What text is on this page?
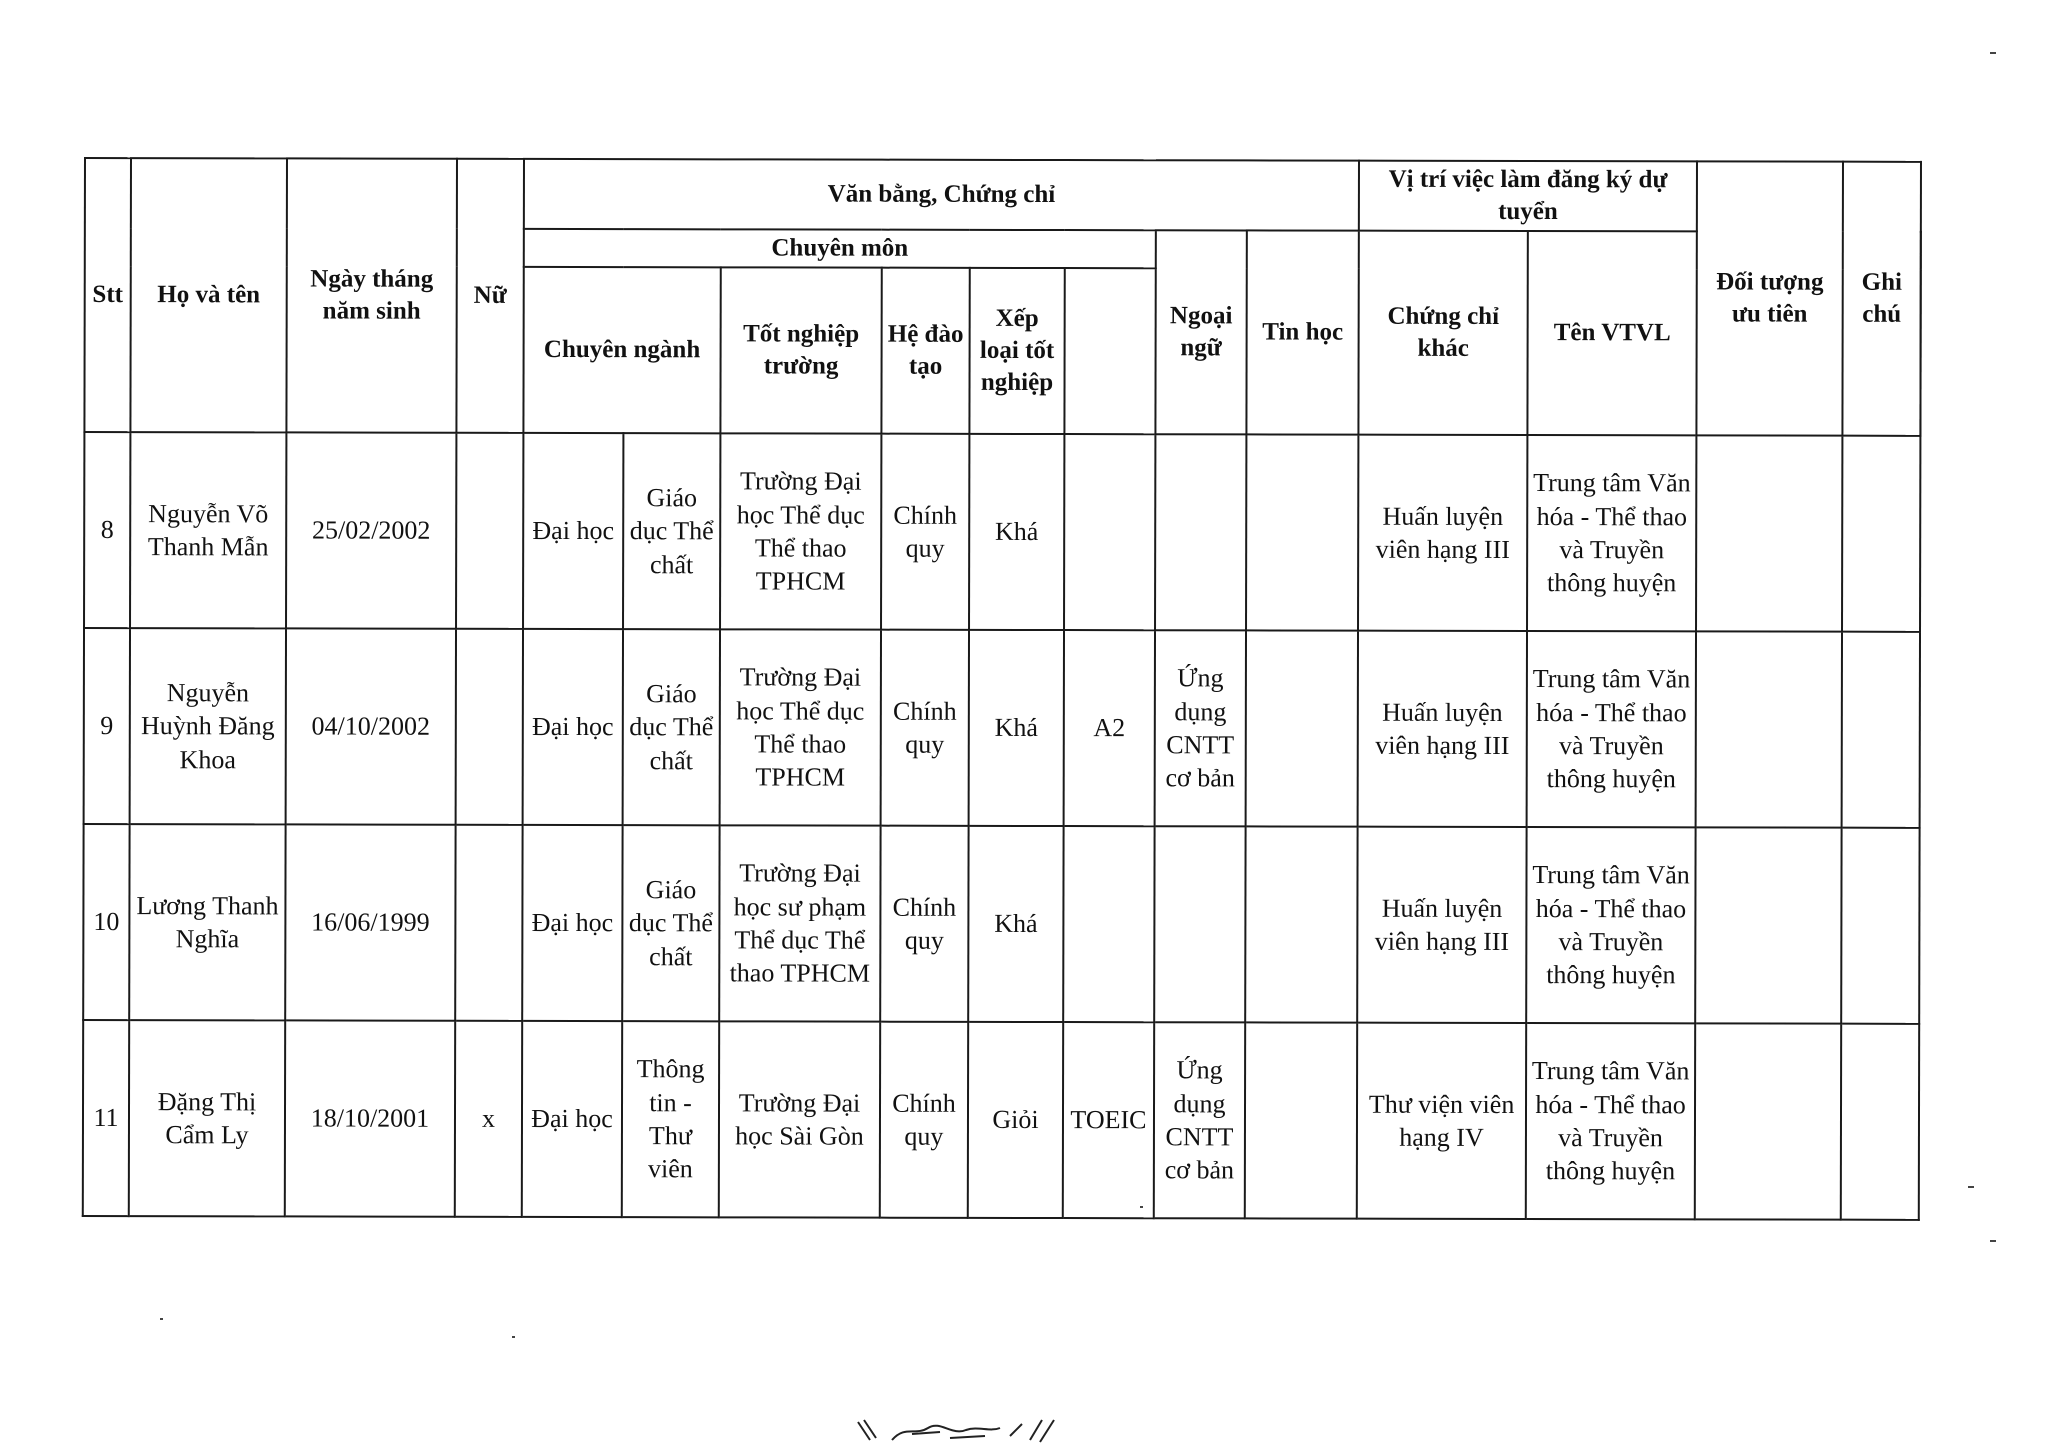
Stt	Họ và tên	Ngày tháng năm sinh	Nữ	Văn bằng, Chứng chỉ								Vị trí việc làm đăng ký dự tuyển		Đối tượng ưu tiên	Ghi chú	
				Chuyên môn						Ngoại ngữ	Tin học	Chứng chỉ khác	Tên VTVL	
				Chuyên ngành		Tốt nghiệp trường	Hệ đào tạo	Xếp loại tốt nghiệp								
8	Nguyễn Võ Thanh Mẫn	25/02/2002		Đại học	Giáo dục Thể chất	Trường Đại học Thể dục Thể thao TPHCM	Chính quy	Khá				Huấn luyện viên hạng III	Trung tâm Văn hóa - Thể thao và Truyền thông huyện			
9	Nguyễn Huỳnh Đăng Khoa	04/10/2002		Đại học	Giáo dục Thể chất	Trường Đại học Thể dục Thể thao TPHCM	Chính quy	Khá	A2	Ứng dụng CNTT cơ bản		Huấn luyện viên hạng III	Trung tâm Văn hóa - Thể thao và Truyền thông huyện			
10	Lương Thanh Nghĩa	16/06/1999		Đại học	Giáo dục Thể chất	Trường Đại học sư phạm Thể dục Thể thao TPHCM	Chính quy	Khá				Huấn luyện viên hạng III	Trung tâm Văn hóa - Thể thao và Truyền thông huyện			
11	Đặng Thị Cẩm Ly	18/10/2001	x	Đại học	Thông tin - Thư viên	Trường Đại học Sài Gòn	Chính quy	Giỏi	TOEIC	Ứng dụng CNTT cơ bản		Thư viện viên hạng IV	Trung tâm Văn hóa - Thể thao và Truyền thông huyện			
